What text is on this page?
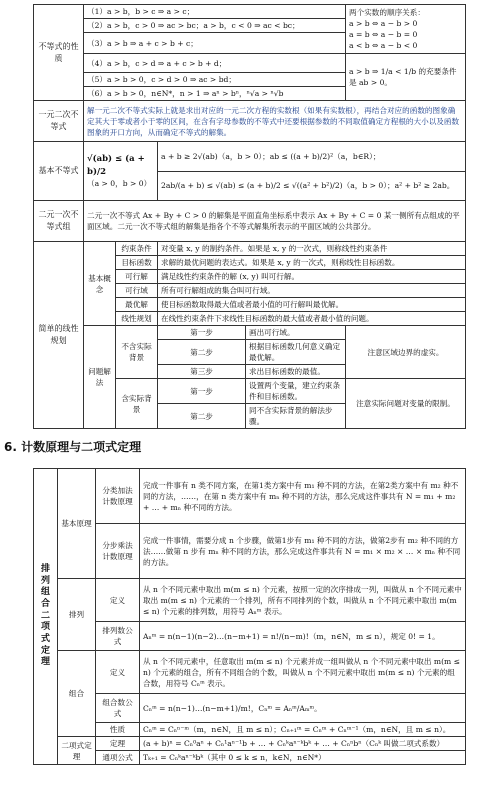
不等式的性质	（1）a > b，b > c ⇒ a > c；				两个实数的顺序关系：
a > b ⇔ a − b > 0
a = b ⇔ a − b = 0
a < b ⇔ a − b < 0

	（2）a > b，c > 0 ⇒ ac > bc；a > b，c < 0 ⇒ ac < bc；				
	（3）a > b ⇒ a + c > b + c；				
	（4）a > b，c > d ⇒ a + c > b + d；				a > b ⇒ 1/a < 1/b 的充要条件
是 ab > 0。

	（5）a > b > 0，c > d > 0 ⇒ ac > bd；				
	（6）a > b > 0，n∈N*，n > 1 ⇒ aⁿ > bⁿ，ⁿ√a > ⁿ√b				
一元二次不等式	解一元二次不等式实际上就是求出对应的一元二次方程的实数根（如果有实数根），再结合对应的函数的图象确定其大于零或者小于零的区间，在含有字母参数的不等式中还要根据参数的不同取值确定方程根的大小以及函数图象的开口方向，从而确定不等式的解集。				
基本不等式	√(ab) ≤ (a + b)/2
（a > 0，b > 0）		a + b ≥ 2√(ab)（a，b > 0）；ab ≤ ((a + b)/2)²（a，b∈R）；		
			2ab/(a + b) ≤ √(ab) ≤ (a + b)/2 ≤ √((a² + b²)/2)（a，b > 0）；a² + b² ≥ 2ab。		
二元一次不等式组	二元一次不等式 Ax + By + C > 0 的解集是平面直角坐标系中表示 Ax + By + C = 0 某一侧所有点组成的平面区域。二元一次不等式组的解集是指各个不等式解集所表示的平面区域的公共部分。				
简单的线性规划	基本概念	约束条件	对变量 x, y 的制约条件。如果是 x, y 的一次式，则称线性约束条件		
		目标函数	求解的最优问题的表达式。如果是 x, y 的一次式，则称线性目标函数。		
		可行解	满足线性约束条件的解 (x, y) 叫可行解。		
		可行域	所有可行解组成的集合叫可行域。		
		最优解	使目标函数取得最大值或者最小值的可行解叫最优解。		
		线性规划	在线性约束条件下求线性目标函数的最大值或者最小值的问题。		
	问题解法	不含实际背景	第一步	画出可行域。	注意区域边界的虚实。
			第二步	根据目标函数几何意义确定最优解。	
			第三步	求出目标函数的最值。	
		含实际背景	第一步	设置两个变量，建立约束条件和目标函数。	注意实际问题对变量的限制。
			第二步	同不含实际背景的解法步骤。	
6. 计数原理与二项式定理
排列组合二项式定理	基本原理	分类加法计数原理	完成一件事有 n 类不同方案，在第1类方案中有 m₁ 种不同的方法，在第2类方案中有 m₂ 种不同的方法，……，在第 n 类方案中有 mₙ 种不同的方法，那么完成这件事共有 N = m₁ + m₂ + … + mₙ 种不同的方法。
		分步乘法计数原理	完成一件事情，需要分成 n 个步骤，做第1步有 m₁ 种不同的方法，做第2步有 m₂ 种不同的方法……做第 n 步有 mₙ 种不同的方法，那么完成这件事共有 N = m₁ × m₂ × … × mₙ 种不同的方法。
	排列	定义	从 n 个不同元素中取出 m(m ≤ n) 个元素，按照一定的次序排成一列，叫做从 n 个不同元素中取出 m(m ≤ n) 个元素的一个排列，所有不同排列的个数，叫做从 n 个不同元素中取出 m(m ≤ n) 个元素的排列数，用符号 Aₙᵐ 表示。
		排列数公式	Aₙᵐ = n(n−1)(n−2)…(n−m+1) = n!/(n−m)!（m，n∈N，m ≤ n），规定 0! = 1。
	组合	定义	从 n 个不同元素中，任意取出 m(m ≤ n) 个元素并成一组叫做从 n 个不同元素中取出 m(m ≤ n) 个元素的组合，所有不同组合的个数，叫做从 n 个不同元素中取出 m(m ≤ n) 个元素的组合数，用符号 Cₙᵐ 表示。
		组合数公式	Cₙᵐ = n(n−1)…(n−m+1)/m!，Cₙᵐ = Aₙᵐ/Aₘᵐ。
		性质	Cₙᵐ = Cₙⁿ⁻ᵐ（m，n∈N，且 m ≤ n）；Cₙ₊₁ᵐ = Cₙᵐ + Cₙᵐ⁻¹（m，n∈N，且 m ≤ n）。
	二项式定理	定理	(a + b)ⁿ = Cₙ⁰aⁿ + Cₙ¹aⁿ⁻¹b + … + Cₙᵏaⁿ⁻ᵏbᵏ + … + Cₙⁿbⁿ（Cₙᵏ 叫做二项式系数）
		通项公式	Tₖ₊₁ = Cₙᵏaⁿ⁻ᵏbᵏ（其中 0 ≤ k ≤ n，k∈N，n∈N*）
